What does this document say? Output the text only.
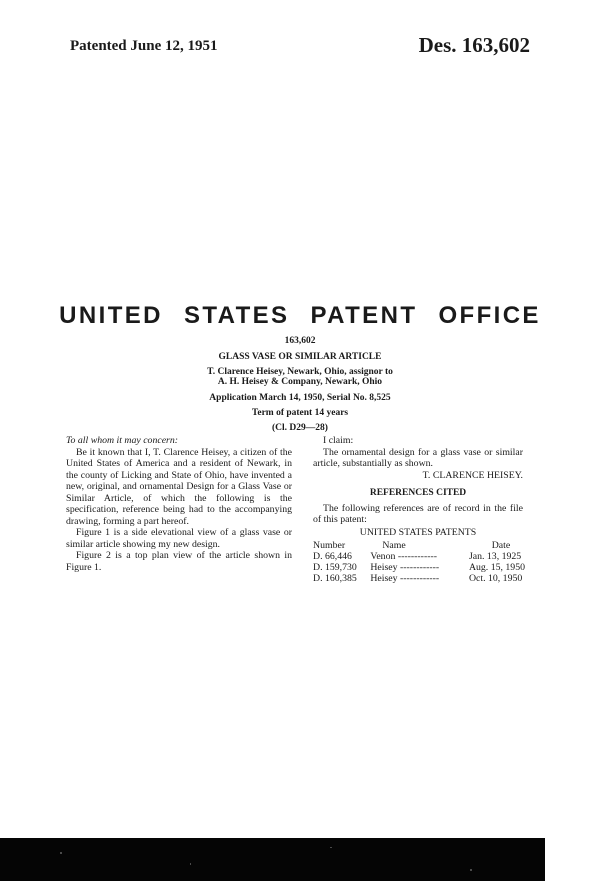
Patented June 12, 1951	Des. 163,602
UNITED STATES PATENT OFFICE
163,602
GLASS VASE OR SIMILAR ARTICLE
T. Clarence Heisey, Newark, Ohio, assignor to
A. H. Heisey & Company, Newark, Ohio
Application March 14, 1950, Serial No. 8,525
Term of patent 14 years
(Cl. D29—28)

To all whom it may concern:

Be it known that I, T. Clarence Heisey, a citizen of the United States of America and a resident of Newark, in the county of Licking and State of Ohio, have invented a new, original, and ornamental Design for a Glass Vase or Similar Article, of which the following is the specification, reference being had to the accompanying drawing, forming a part hereof.

Figure 1 is a side elevational view of a glass vase or similar article showing my new design.

Figure 2 is a top plan view of the article shown in Figure 1.

I claim:

The ornamental design for a glass vase or similar article, substantially as shown.

T. CLARENCE HEISEY.

REFERENCES CITED

The following references are of record in the file of this patent:

UNITED STATES PATENTS

Number	Name	Date
D. 66,446	Venon ------------	Jan. 13, 1925
D. 159,730	Heisey ------------	Aug. 15, 1950
D. 160,385	Heisey ------------	Oct. 10, 1950
